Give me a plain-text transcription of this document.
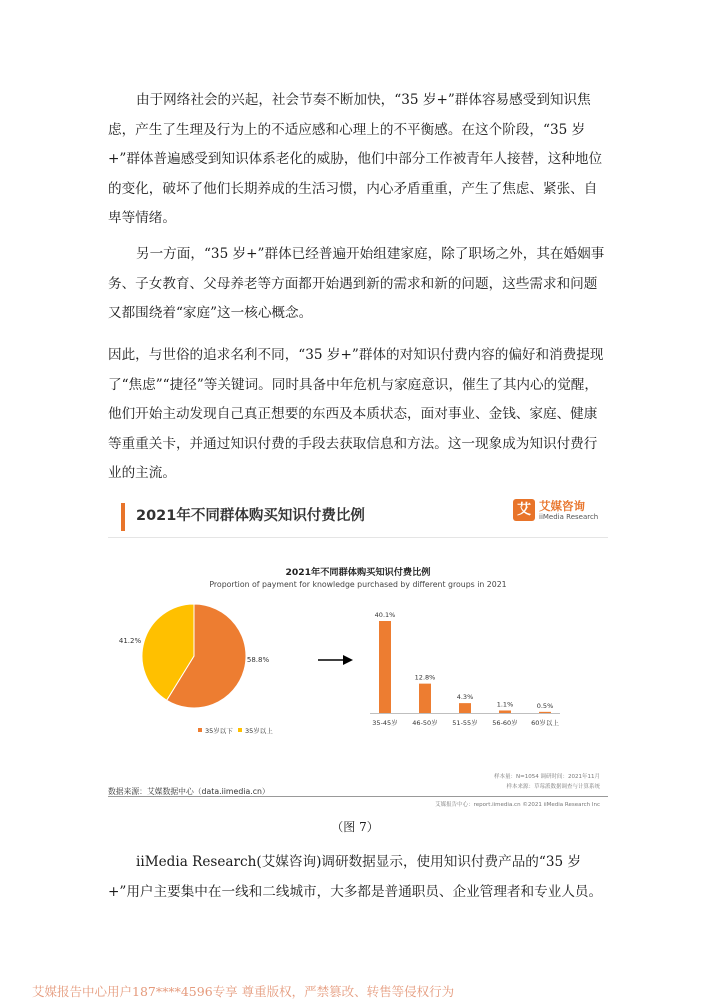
由于网络社会的兴起，社会节奏不断加快，“35 岁+”群体容易感受到知识焦虑，产生了生理及行为上的不适应感和心理上的不平衡感。在这个阶段，“35 岁+”群体普遍感受到知识体系老化的威胁，他们中部分工作被青年人接替，这种地位的变化，破坏了他们长期养成的生活习惯，内心矛盾重重，产生了焦虑、紧张、自卑等情绪。

另一方面，“35 岁+”群体已经普遍开始组建家庭，除了职场之外，其在婚姻事务、子女教育、父母养老等方面都开始遇到新的需求和新的问题，这些需求和问题又都围绕着“家庭”这一核心概念。

因此，与世俗的追求名利不同，“35 岁+”群体的对知识付费内容的偏好和消费提现了“焦虑”“捷径”等关键词。同时具备中年危机与家庭意识，催生了其内心的觉醒，他们开始主动发现自己真正想要的东西及本质状态，面对事业、金钱、家庭、健康等重重关卡，并通过知识付费的手段去获取信息和方法。这一现象成为知识付费行业的主流。

2021年不同群体购买知识付费比例	艾 艾媒咨询
iiMedia Research
2021年不同群体购买知识付费比例
Proportion of payment for knowledge purchased by different groups in 2021
58.8%
41.2%
35岁以下 35岁以上
40.1%
35-45岁
12.8%
46-50岁
4.3%
51-55岁
1.1%
56-60岁
0.5%
60岁以上
样本量：N=1054 调研时间：2021年11月
样本来源：草莓派数据调查与计算系统
数据来源：艾媒数据中心（data.iimedia.cn）
艾媒报告中心：report.iimedia.cn ©2021 iiMedia Research Inc
（图 7）

iiMedia Research(艾媒咨询)调研数据显示，使用知识付费产品的“35 岁+”用户主要集中在一线和二线城市，大多都是普通职员、企业管理者和专业人员。

艾媒报告中心用户187****4596专享 尊重版权，严禁篡改、转售等侵权行为
